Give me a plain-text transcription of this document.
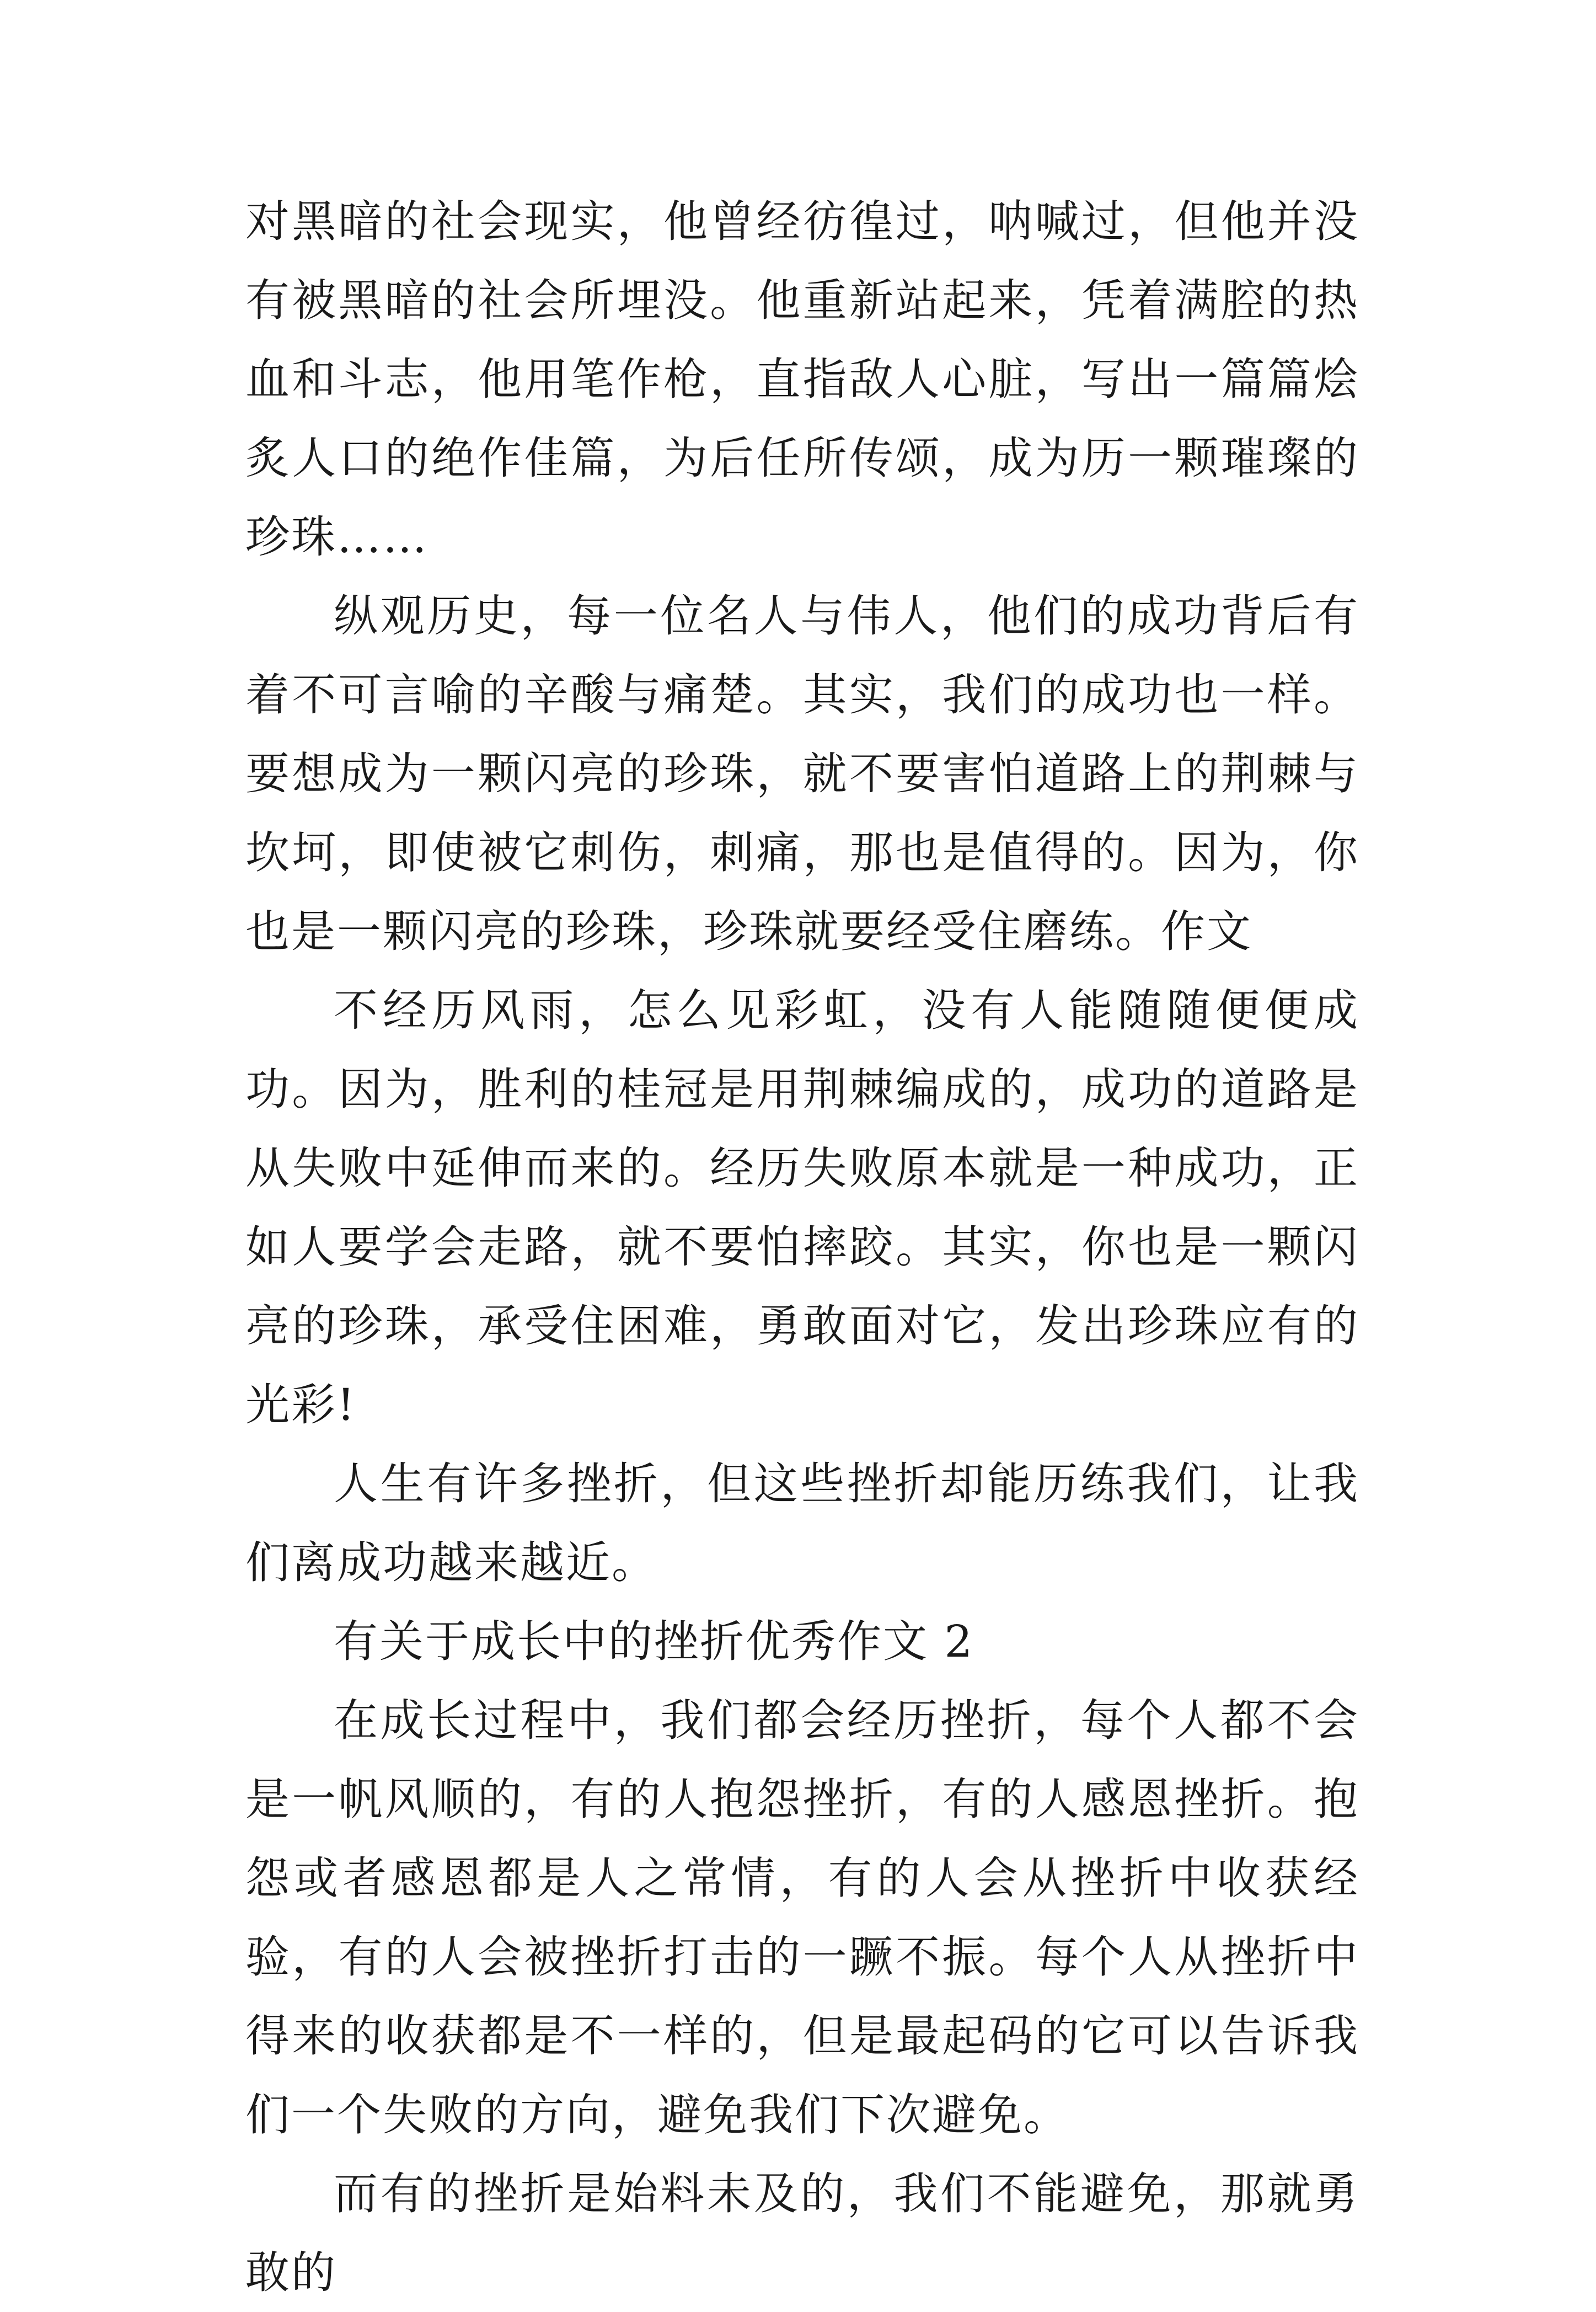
对黑暗的社会现实，他曾经彷徨过，呐喊过，但他并没有被黑暗的社会所埋没。他重新站起来，凭着满腔的热血和斗志，他用笔作枪，直指敌人心脏，写出一篇篇烩炙人口的绝作佳篇，为后任所传颂，成为历一颗璀璨的珍珠……

纵观历史，每一位名人与伟人，他们的成功背后有着不可言喻的辛酸与痛楚。其实，我们的成功也一样。要想成为一颗闪亮的珍珠，就不要害怕道路上的荆棘与坎坷，即使被它刺伤，刺痛，那也是值得的。因为，你也是一颗闪亮的珍珠，珍珠就要经受住磨练。作文

不经历风雨，怎么见彩虹，没有人能随随便便成功。因为，胜利的桂冠是用荆棘编成的，成功的道路是从失败中延伸而来的。经历失败原本就是一种成功，正如人要学会走路，就不要怕摔跤。其实，你也是一颗闪亮的珍珠，承受住困难，勇敢面对它，发出珍珠应有的光彩!

人生有许多挫折，但这些挫折却能历练我们，让我们离成功越来越近。

有关于成长中的挫折优秀作文 2

在成长过程中，我们都会经历挫折，每个人都不会是一帆风顺的，有的人抱怨挫折，有的人感恩挫折。抱怨或者感恩都是人之常情，有的人会从挫折中收获经验，有的人会被挫折打击的一蹶不振。每个人从挫折中得来的收获都是不一样的，但是最起码的它可以告诉我们一个失败的方向，避免我们下次避免。

而有的挫折是始料未及的，我们不能避免，那就勇敢的
